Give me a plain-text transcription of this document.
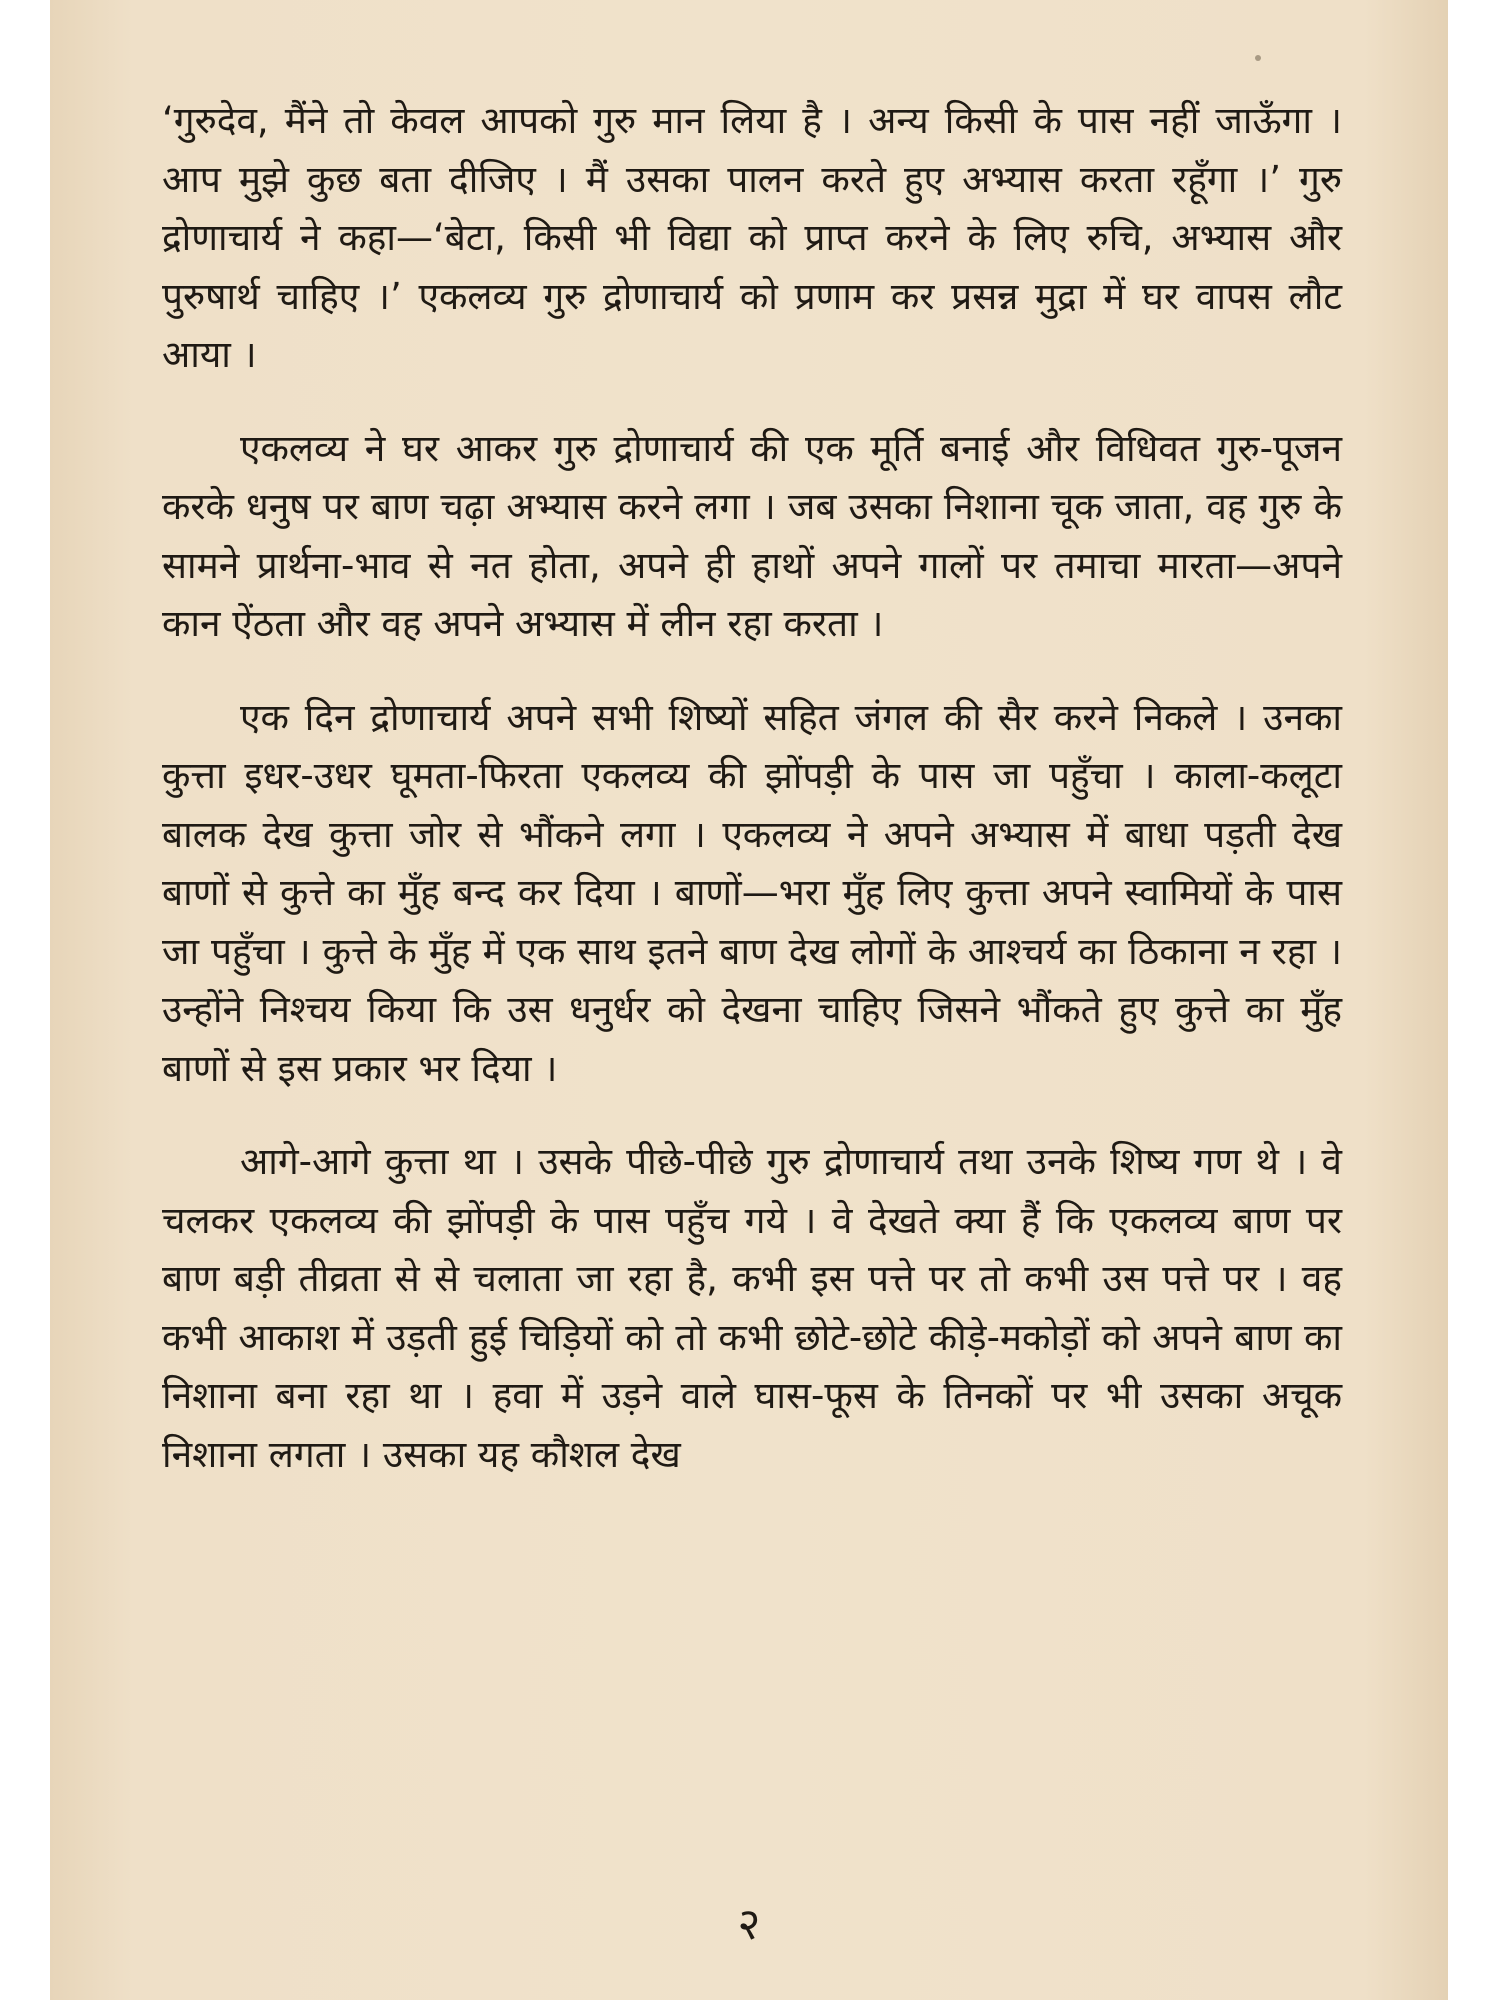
‘गुरुदेव, मैंने तो केवल आपको गुरु मान लिया है । अन्य किसी के पास नहीं जाऊँगा । आप मुझे कुछ बता दीजिए । मैं उसका पालन करते हुए अभ्यास करता रहूँगा ।’ गुरु द्रोणाचार्य ने कहा—‘बेटा, किसी भी विद्या को प्राप्त करने के लिए रुचि, अभ्यास और पुरुषार्थ चाहिए ।’ एकलव्य गुरु द्रोणाचार्य को प्रणाम कर प्रसन्न मुद्रा में घर वापस लौट आया ।

एकलव्य ने घर आकर गुरु द्रोणाचार्य की एक मूर्ति बनाई और विधिवत गुरु-पूजन करके धनुष पर बाण चढ़ा अभ्यास करने लगा । जब उसका निशाना चूक जाता, वह गुरु के सामने प्रार्थना-भाव से नत होता, अपने ही हाथों अपने गालों पर तमाचा मारता—अपने कान ऐंठता और वह अपने अभ्यास में लीन रहा करता ।

एक दिन द्रोणाचार्य अपने सभी शिष्यों सहित जंगल की सैर करने निकले । उनका कुत्ता इधर-उधर घूमता-फिरता एकलव्य की झोंपड़ी के पास जा पहुँचा । काला-कलूटा बालक देख कुत्ता जोर से भौंकने लगा । एकलव्य ने अपने अभ्यास में बाधा पड़ती देख बाणों से कुत्ते का मुँह बन्द कर दिया । बाणों—भरा मुँह लिए कुत्ता अपने स्वामियों के पास जा पहुँचा । कुत्ते के मुँह में एक साथ इतने बाण देख लोगों के आश्चर्य का ठिकाना न रहा । उन्होंने निश्चय किया कि उस धनुर्धर को देखना चाहिए जिसने भौंकते हुए कुत्ते का मुँह बाणों से इस प्रकार भर दिया ।

आगे-आगे कुत्ता था । उसके पीछे-पीछे गुरु द्रोणाचार्य तथा उनके शिष्य गण थे । वे चलकर एकलव्य की झोंपड़ी के पास पहुँच गये । वे देखते क्या हैं कि एकलव्य बाण पर बाण बड़ी तीव्रता से से चलाता जा रहा है, कभी इस पत्ते पर तो कभी उस पत्ते पर । वह कभी आकाश में उड़ती हुई चिड़ियों को तो कभी छोटे-छोटे कीड़े-मकोड़ों को अपने बाण का निशाना बना रहा था । हवा में उड़ने वाले घास-फूस के तिनकों पर भी उसका अचूक निशाना लगता । उसका यह कौशल देख

२
